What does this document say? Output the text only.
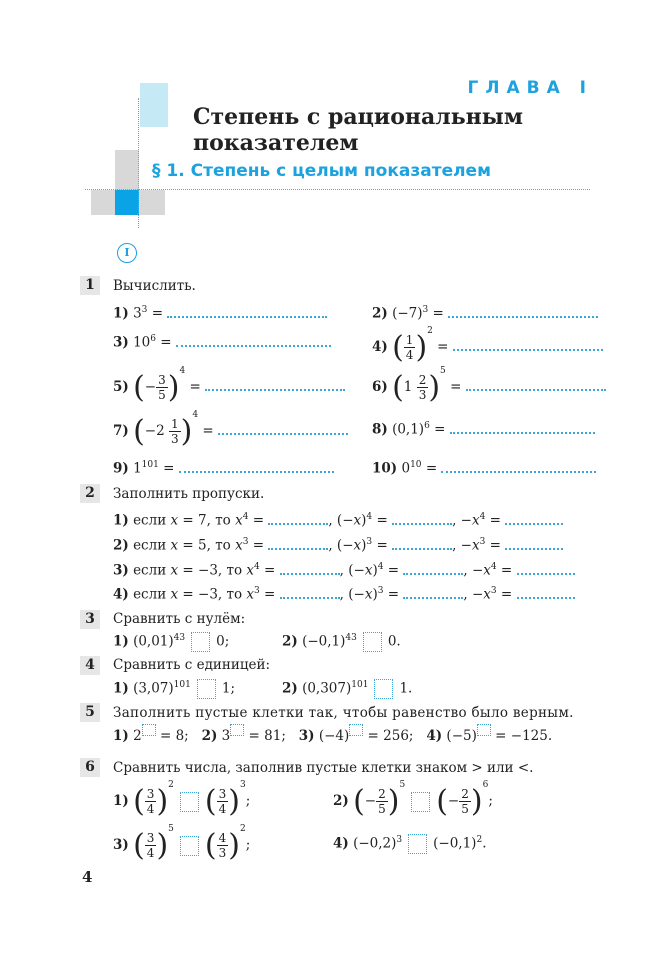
ГЛАВА I
Степень с рациональным
показателем
§ 1. Степень с целым показателем
I
1	Вычислить.
1) $3^3$ =	2) $(-7)^3$ =
3) $10^6$ =	4) ( $\frac{1}{4} )^2$ =
5) (− $\frac{3}{5} )^4$ =	6) $(1 \frac{2}{3} )^5$ =
7) $(-2 \frac{1}{3} )^4$ =	8) $(0,1)^6$ =
9) $1^{101}$ =	10) $0^{10}$ =
2	Заполнить пропуски.
1) если x = 7, то $x^4$ =	, $(-x)^4$ =	, $-x^4$ =
2) если x = 5, то $x^3$ =	, $(-x)^3$ =	, $-x^3$ =
3) если x = −3, то $x^4$ =	, $(-x)^4$ =	, $-x^4$ =
4) если x = −3, то $x^3$ =	, $(-x)^3$ =	, $-x^3$ =
3	Сравнить с нулём:
1) $(0,01)^{43}$ 0;	2) $(-0,1)^{43}$ 0.
4	Сравнить с единицей:
1) $(3,07)^{101}$ 1;	2) $(0,307)^{101}$ 1.
5	Заполнить пустые клетки так, чтобы равенство было верным.
1) 2 = 8;   2) 3 = 81;   3) (−4) = 256;   4) (−5) = −125.
6	Сравнить числа, заполнив пустые клетки знаком > или <.
1) ( $\frac{3}{4} )^2$ ( $\frac{3}{4} )^3$;	2) (− $\frac{2}{5} )^5$ (− $\frac{2}{5} )^6$;
3) ( $\frac{3}{4} )^5$ ( $\frac{4}{3} )^2$;	4) $(-0,2)^3$ $(-0,1)^2$.
4
